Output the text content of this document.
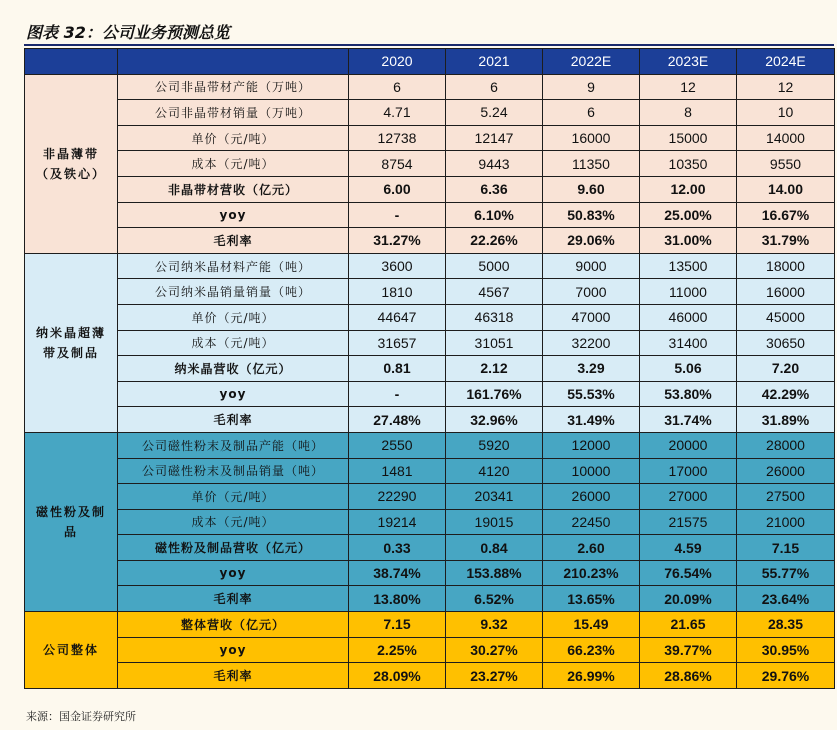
图表 32：公司业务预测总览
		2020	2021	2022E	2023E	2024E
非晶薄带（及铁心）	公司非晶带材产能（万吨）	6	6	9	12	12
	公司非晶带材销量（万吨）	4.71	5.24	6	8	10
	单价（元/吨）	12738	12147	16000	15000	14000
	成本（元/吨）	8754	9443	11350	10350	9550
	非晶带材营收（亿元）	6.00	6.36	9.60	12.00	14.00
	yoy	-	6.10%	50.83%	25.00%	16.67%
	毛利率	31.27%	22.26%	29.06%	31.00%	31.79%
纳米晶超薄带及制品	公司纳米晶材料产能（吨）	3600	5000	9000	13500	18000
	公司纳米晶销量销量（吨）	1810	4567	7000	11000	16000
	单价（元/吨）	44647	46318	47000	46000	45000
	成本（元/吨）	31657	31051	32200	31400	30650
	纳米晶营收（亿元）	0.81	2.12	3.29	5.06	7.20
	yoy	-	161.76%	55.53%	53.80%	42.29%
	毛利率	27.48%	32.96%	31.49%	31.74%	31.89%
磁性粉及制品	公司磁性粉末及制品产能（吨）	2550	5920	12000	20000	28000
	公司磁性粉末及制品销量（吨）	1481	4120	10000	17000	26000
	单价（元/吨）	22290	20341	26000	27000	27500
	成本（元/吨）	19214	19015	22450	21575	21000
	磁性粉及制品营收（亿元）	0.33	0.84	2.60	4.59	7.15
	yoy	38.74%	153.88%	210.23%	76.54%	55.77%
	毛利率	13.80%	6.52%	13.65%	20.09%	23.64%
公司整体	整体营收（亿元）	7.15	9.32	15.49	21.65	28.35
	yoy	2.25%	30.27%	66.23%	39.77%	30.95%
	毛利率	28.09%	23.27%	26.99%	28.86%	29.76%
来源：国金证券研究所
